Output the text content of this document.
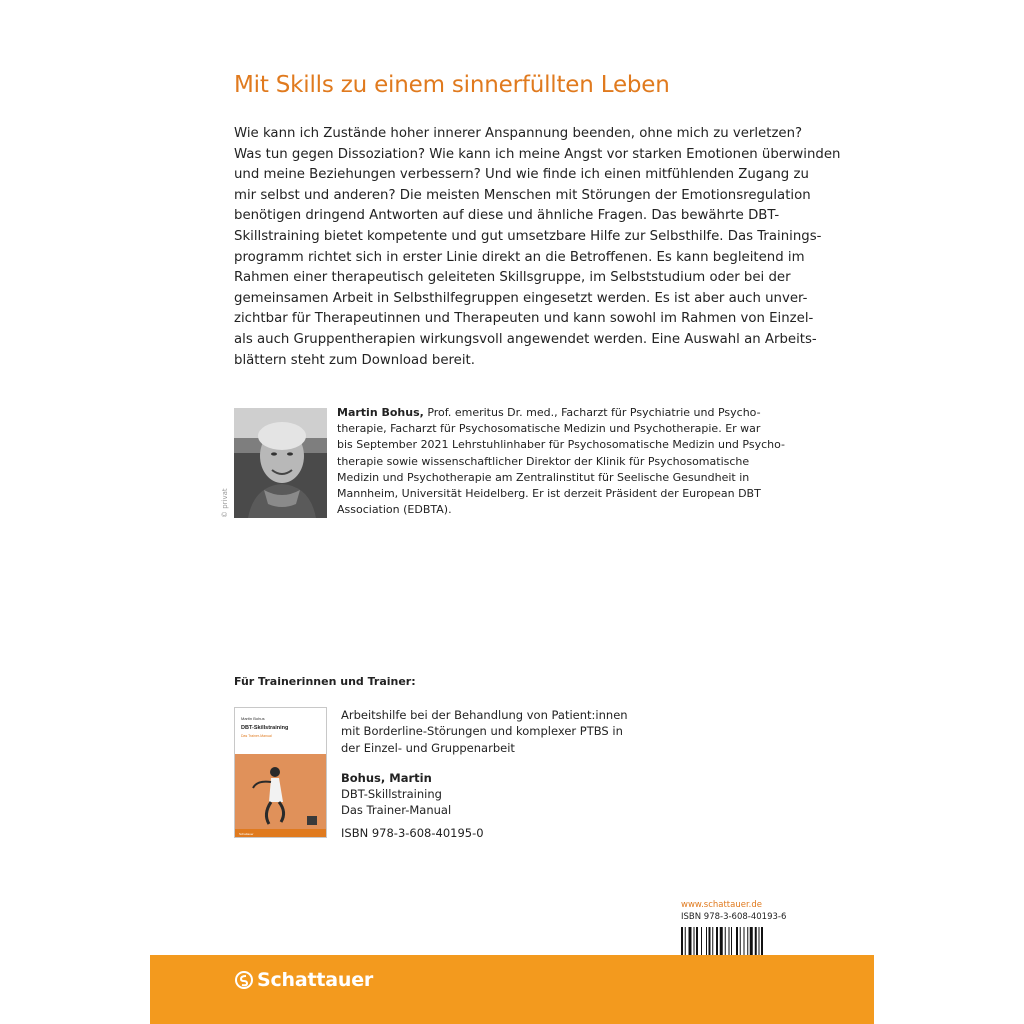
Mit Skills zu einem sinnerfüllten Leben

Wie kann ich Zustände hoher innerer Anspannung beenden, ohne mich zu verletzen?
Was tun gegen Dissoziation? Wie kann ich meine Angst vor starken Emotionen überwinden
und meine Beziehungen verbessern? Und wie finde ich einen mitfühlenden Zugang zu
mir selbst und anderen? Die meisten Menschen mit Störungen der Emotionsregulation
benötigen dringend Antworten auf diese und ähnliche Fragen. Das bewährte DBT-
Skillstraining bietet kompetente und gut umsetzbare Hilfe zur Selbsthilfe. Das Trainings-
programm richtet sich in erster Linie direkt an die Betroffenen. Es kann begleitend im
Rahmen einer therapeutisch geleiteten Skillsgruppe, im Selbststudium oder bei der
gemeinsamen Arbeit in Selbsthilfegruppen eingesetzt werden. Es ist aber auch unver-
zichtbar für Therapeutinnen und Therapeuten und kann sowohl im Rahmen von Einzel-
als auch Gruppentherapien wirkungsvoll angewendet werden. Eine Auswahl an Arbeits-
blättern steht zum Download bereit.

© privat

Martin Bohus, Prof. emeritus Dr. med., Facharzt für Psychiatrie und Psycho-
therapie, Facharzt für Psychosomatische Medizin und Psychotherapie. Er war
bis September 2021 Lehrstuhlinhaber für Psychosomatische Medizin und Psycho-
therapie sowie wissenschaftlicher Direktor der Klinik für Psychosomatische
Medizin und Psychotherapie am Zentralinstitut für Seelische Gesundheit in
Mannheim, Universität Heidelberg. Er ist derzeit Präsident der European DBT
Association (EDBTA).

Für Trainerinnen und Trainer:
Martin Bohus
DBT-Skillstraining
Das Trainer-Manual
Schattauer
Arbeitshilfe bei der Behandlung von Patient:innen
mit Borderline-Störungen und komplexer PTBS in
der Einzel- und Gruppenarbeit
Bohus, Martin
DBT-Skillstraining
Das Trainer-Manual
ISBN 978-3-608-40195-0
www.schattauer.de
ISBN 978-3-608-40193-6
Schattauer
